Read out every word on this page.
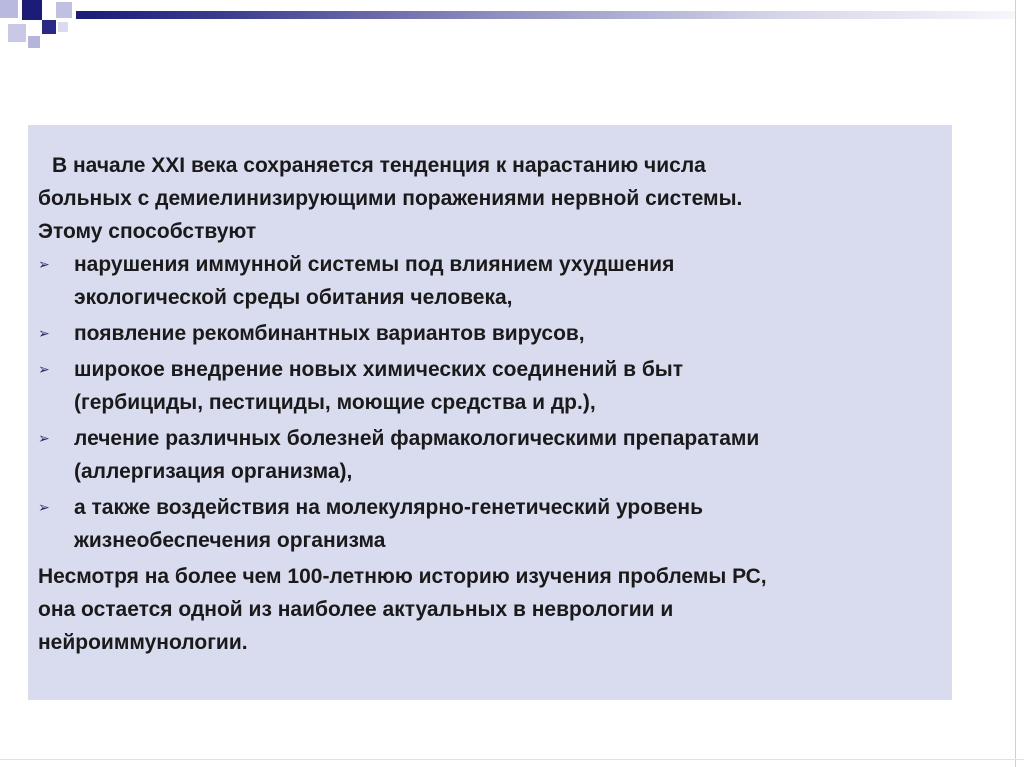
В начале XXI века сохраняется тенденция к нарастанию числа
больных с демиелинизирующими поражениями нервной системы.
Этому способствуют

➢	нарушения иммунной системы под влиянием ухудшения
экологической среды обитания человека,
➢	появление рекомбинантных вариантов вирусов,
➢	широкое внедрение новых химических соединений в быт
(гербициды, пестициды, моющие средства и др.),
➢	лечение различных болезней фармакологическими препаратами
(аллергизация организма),
➢	а также воздействия на молекулярно-генетический уровень
жизнеобеспечения организма

Несмотря на более чем 100-летнюю историю изучения проблемы РС,
она остается одной из наиболее актуальных в неврологии и
нейроиммунологии.
